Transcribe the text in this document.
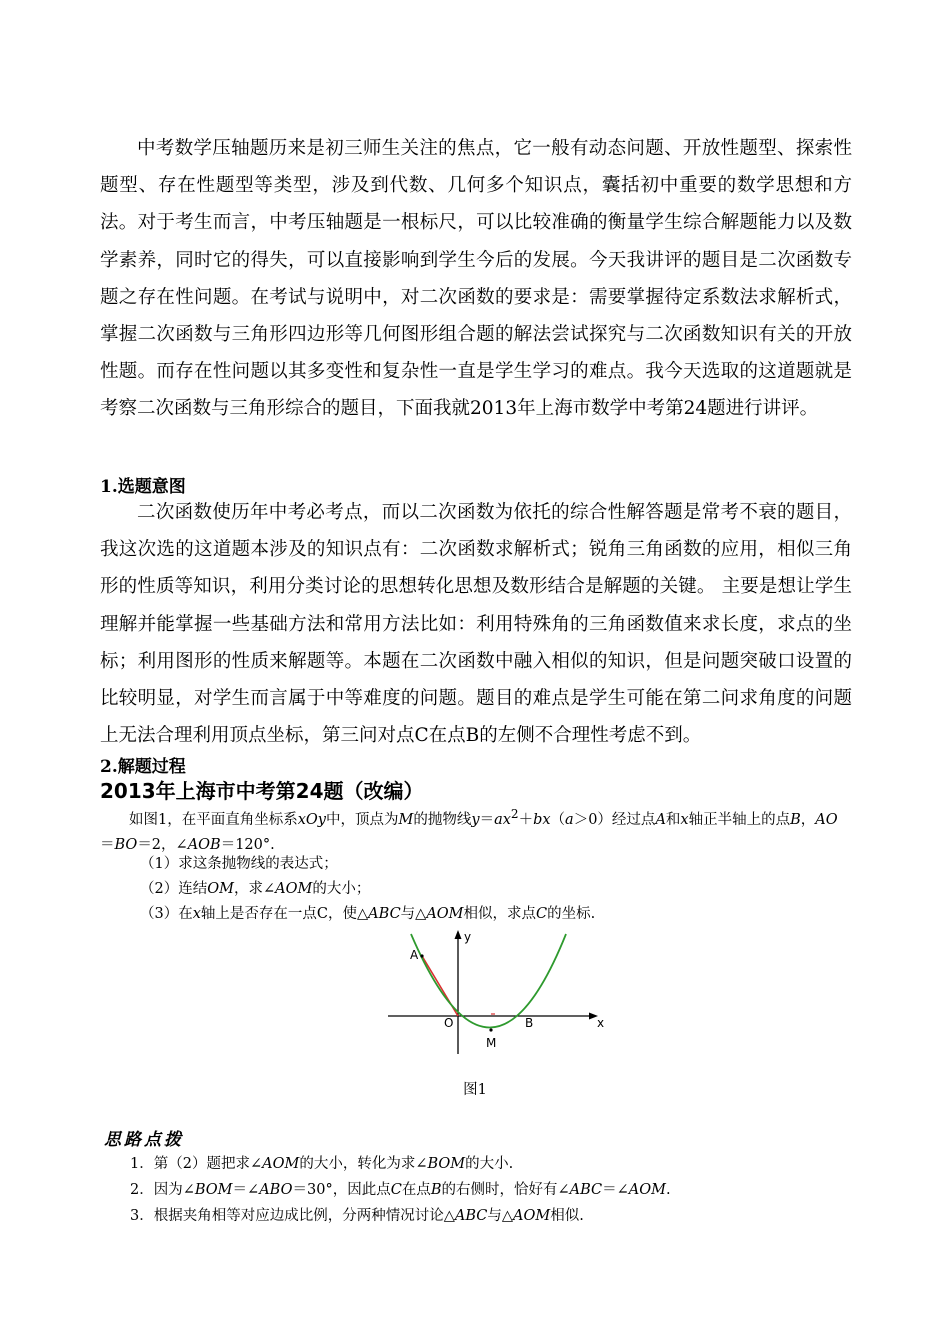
中考数学压轴题历来是初三师生关注的焦点，它一般有动态问题、开放性题型、探索性题型、存在性题型等类型，涉及到代数、几何多个知识点，囊括初中重要的数学思想和方法。对于考生而言，中考压轴题是一根标尺，可以比较准确的衡量学生综合解题能力以及数学素养，同时它的得失，可以直接影响到学生今后的发展。今天我讲评的题目是二次函数专题之存在性问题。在考试与说明中，对二次函数的要求是：需要掌握待定系数法求解析式，掌握二次函数与三角形四边形等几何图形组合题的解法尝试探究与二次函数知识有关的开放性题。而存在性问题以其多变性和复杂性一直是学生学习的难点。我今天选取的这道题就是考察二次函数与三角形综合的题目，下面我就2013年上海市数学中考第24题进行讲评。

1.选题意图

二次函数使历年中考必考点，而以二次函数为依托的综合性解答题是常考不衰的题目，我这次选的这道题本涉及的知识点有：二次函数求解析式；锐角三角函数的应用，相似三角形的性质等知识，利用分类讨论的思想转化思想及数形结合是解题的关键。 主要是想让学生理解并能掌握一些基础方法和常用方法比如：利用特殊角的三角函数值来求长度，求点的坐标；利用图形的性质来解题等。本题在二次函数中融入相似的知识，但是问题突破口设置的比较明显，对学生而言属于中等难度的问题。题目的难点是学生可能在第二问求角度的问题上无法合理利用顶点坐标，第三问对点C在点B的左侧不合理性考虑不到。

2.解题过程

2013年上海市中考第24题（改编）

如图1，在平面直角坐标系xOy中，顶点为M的抛物线$y=ax^2+bx(a>0)$经过点A和x轴正半轴上的点B，AO＝BO＝2，∠AOB＝120°.

（1）求这条抛物线的表达式；

（2）连结OM，求∠AOM的大小；

（3）在x轴上是否存在一点C，使△ABC与△AOM相似，求点C的坐标.

A
O	B
M
y
x

图1

思路点拨

1．第（2）题把求∠AOM的大小，转化为求∠BOM的大小.

2．因为∠BOM＝∠ABO＝30°，因此点C在点B的右侧时，恰好有∠ABC＝∠AOM.

3．根据夹角相等对应边成比例，分两种情况讨论△ABC与△AOM相似.
